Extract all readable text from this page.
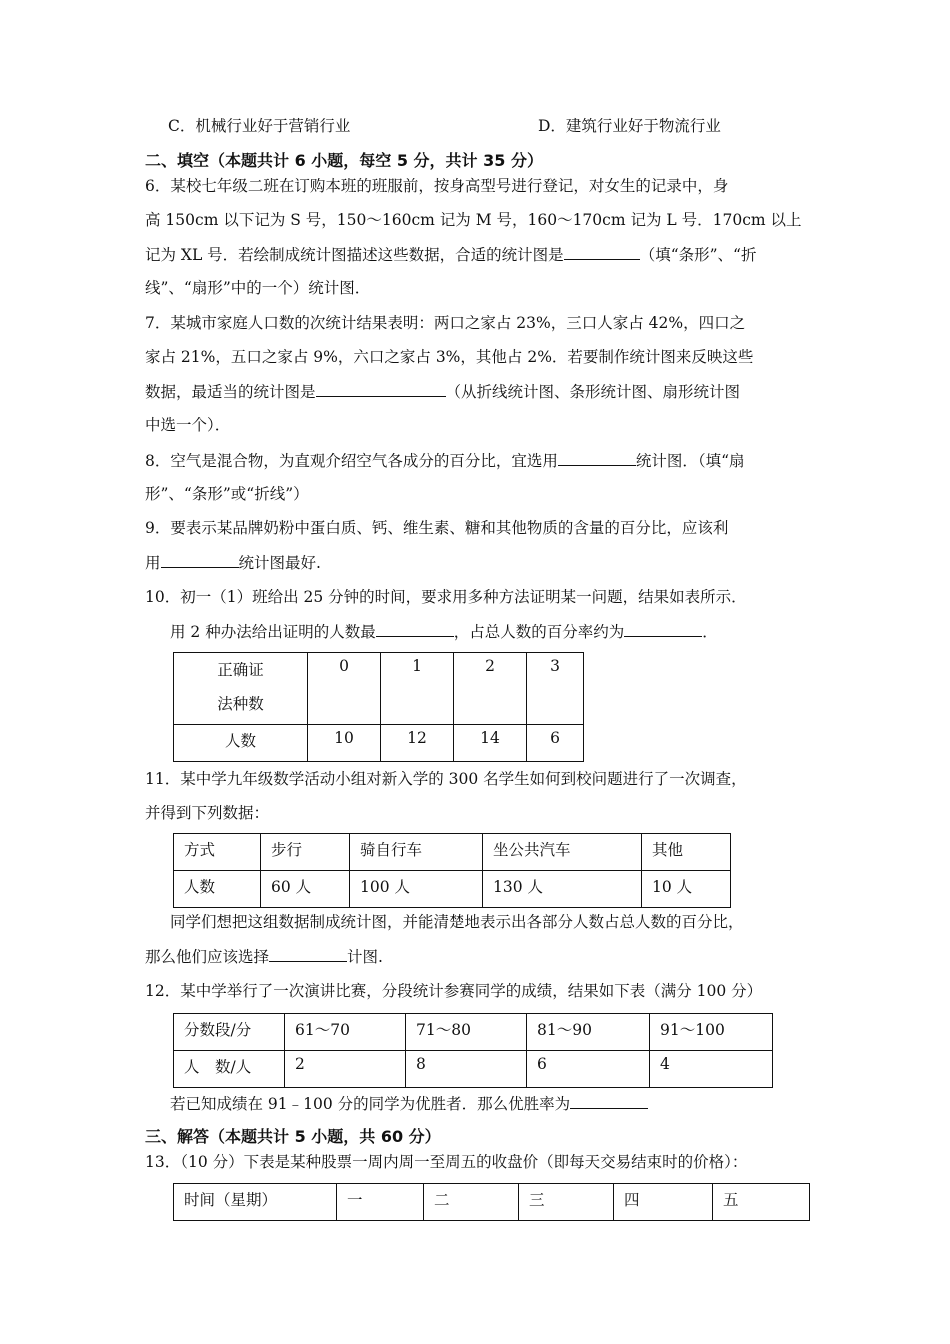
C．机械行业好于营销行业	D．建筑行业好于物流行业
二、填空（本题共计 6 小题，每空 5 分，共计 35 分）
6．某校七年级二班在订购本班的班服前，按身高型号进行登记，对女生的记录中，身
高 150cm 以下记为 S 号，150～160cm 记为 M 号，160～170cm 记为 L 号．170cm 以上
记为 XL 号．若绘制成统计图描述这些数据，合适的统计图是	（填“条形”、“折
线”、“扇形”中的一个）统计图．
7．某城市家庭人口数的次统计结果表明：两口之家占 23%，三口人家占 42%，四口之
家占 21%，五口之家占 9%，六口之家占 3%，其他占 2%．若要制作统计图来反映这些
数据，最适当的统计图是	（从折线统计图、条形统计图、扇形统计图
中选一个）．
8．空气是混合物，为直观介绍空气各成分的百分比，宜选用	统计图．（填“扇
形”、“条形”或“折线”）
9．要表示某品牌奶粉中蛋白质、钙、维生素、糖和其他物质的含量的百分比，应该利
用	统计图最好.
10．初一（1）班给出 25 分钟的时间，要求用多种方法证明某一问题，结果如表所示．
用 2 种办法给出证明的人数最	，占总人数的百分率约为	．
正确证
法种数	0	1	2	3
人数	10	12	14	6
11．某中学九年级数学活动小组对新入学的 300 名学生如何到校问题进行了一次调查，
并得到下列数据：
方式	步行	骑自行车	坐公共汽车	其他
人数	60 人	100 人	130 人	10 人
同学们想把这组数据制成统计图，并能清楚地表示出各部分人数占总人数的百分比，
那么他们应该选择	计图.
12．某中学举行了一次演讲比赛，分段统计参赛同学的成绩，结果如下表（满分 100 分）
分数段/分	61～70	71～80	81～90	91～100
人　数/人	2	8	6	4
若已知成绩在 91﹣100 分的同学为优胜者．那么优胜率为
三、解答（本题共计 5 小题，共 60 分）
13．（10 分）下表是某种股票一周内周一至周五的收盘价（即每天交易结束时的价格）：
时间（星期）	一	二	三	四	五
